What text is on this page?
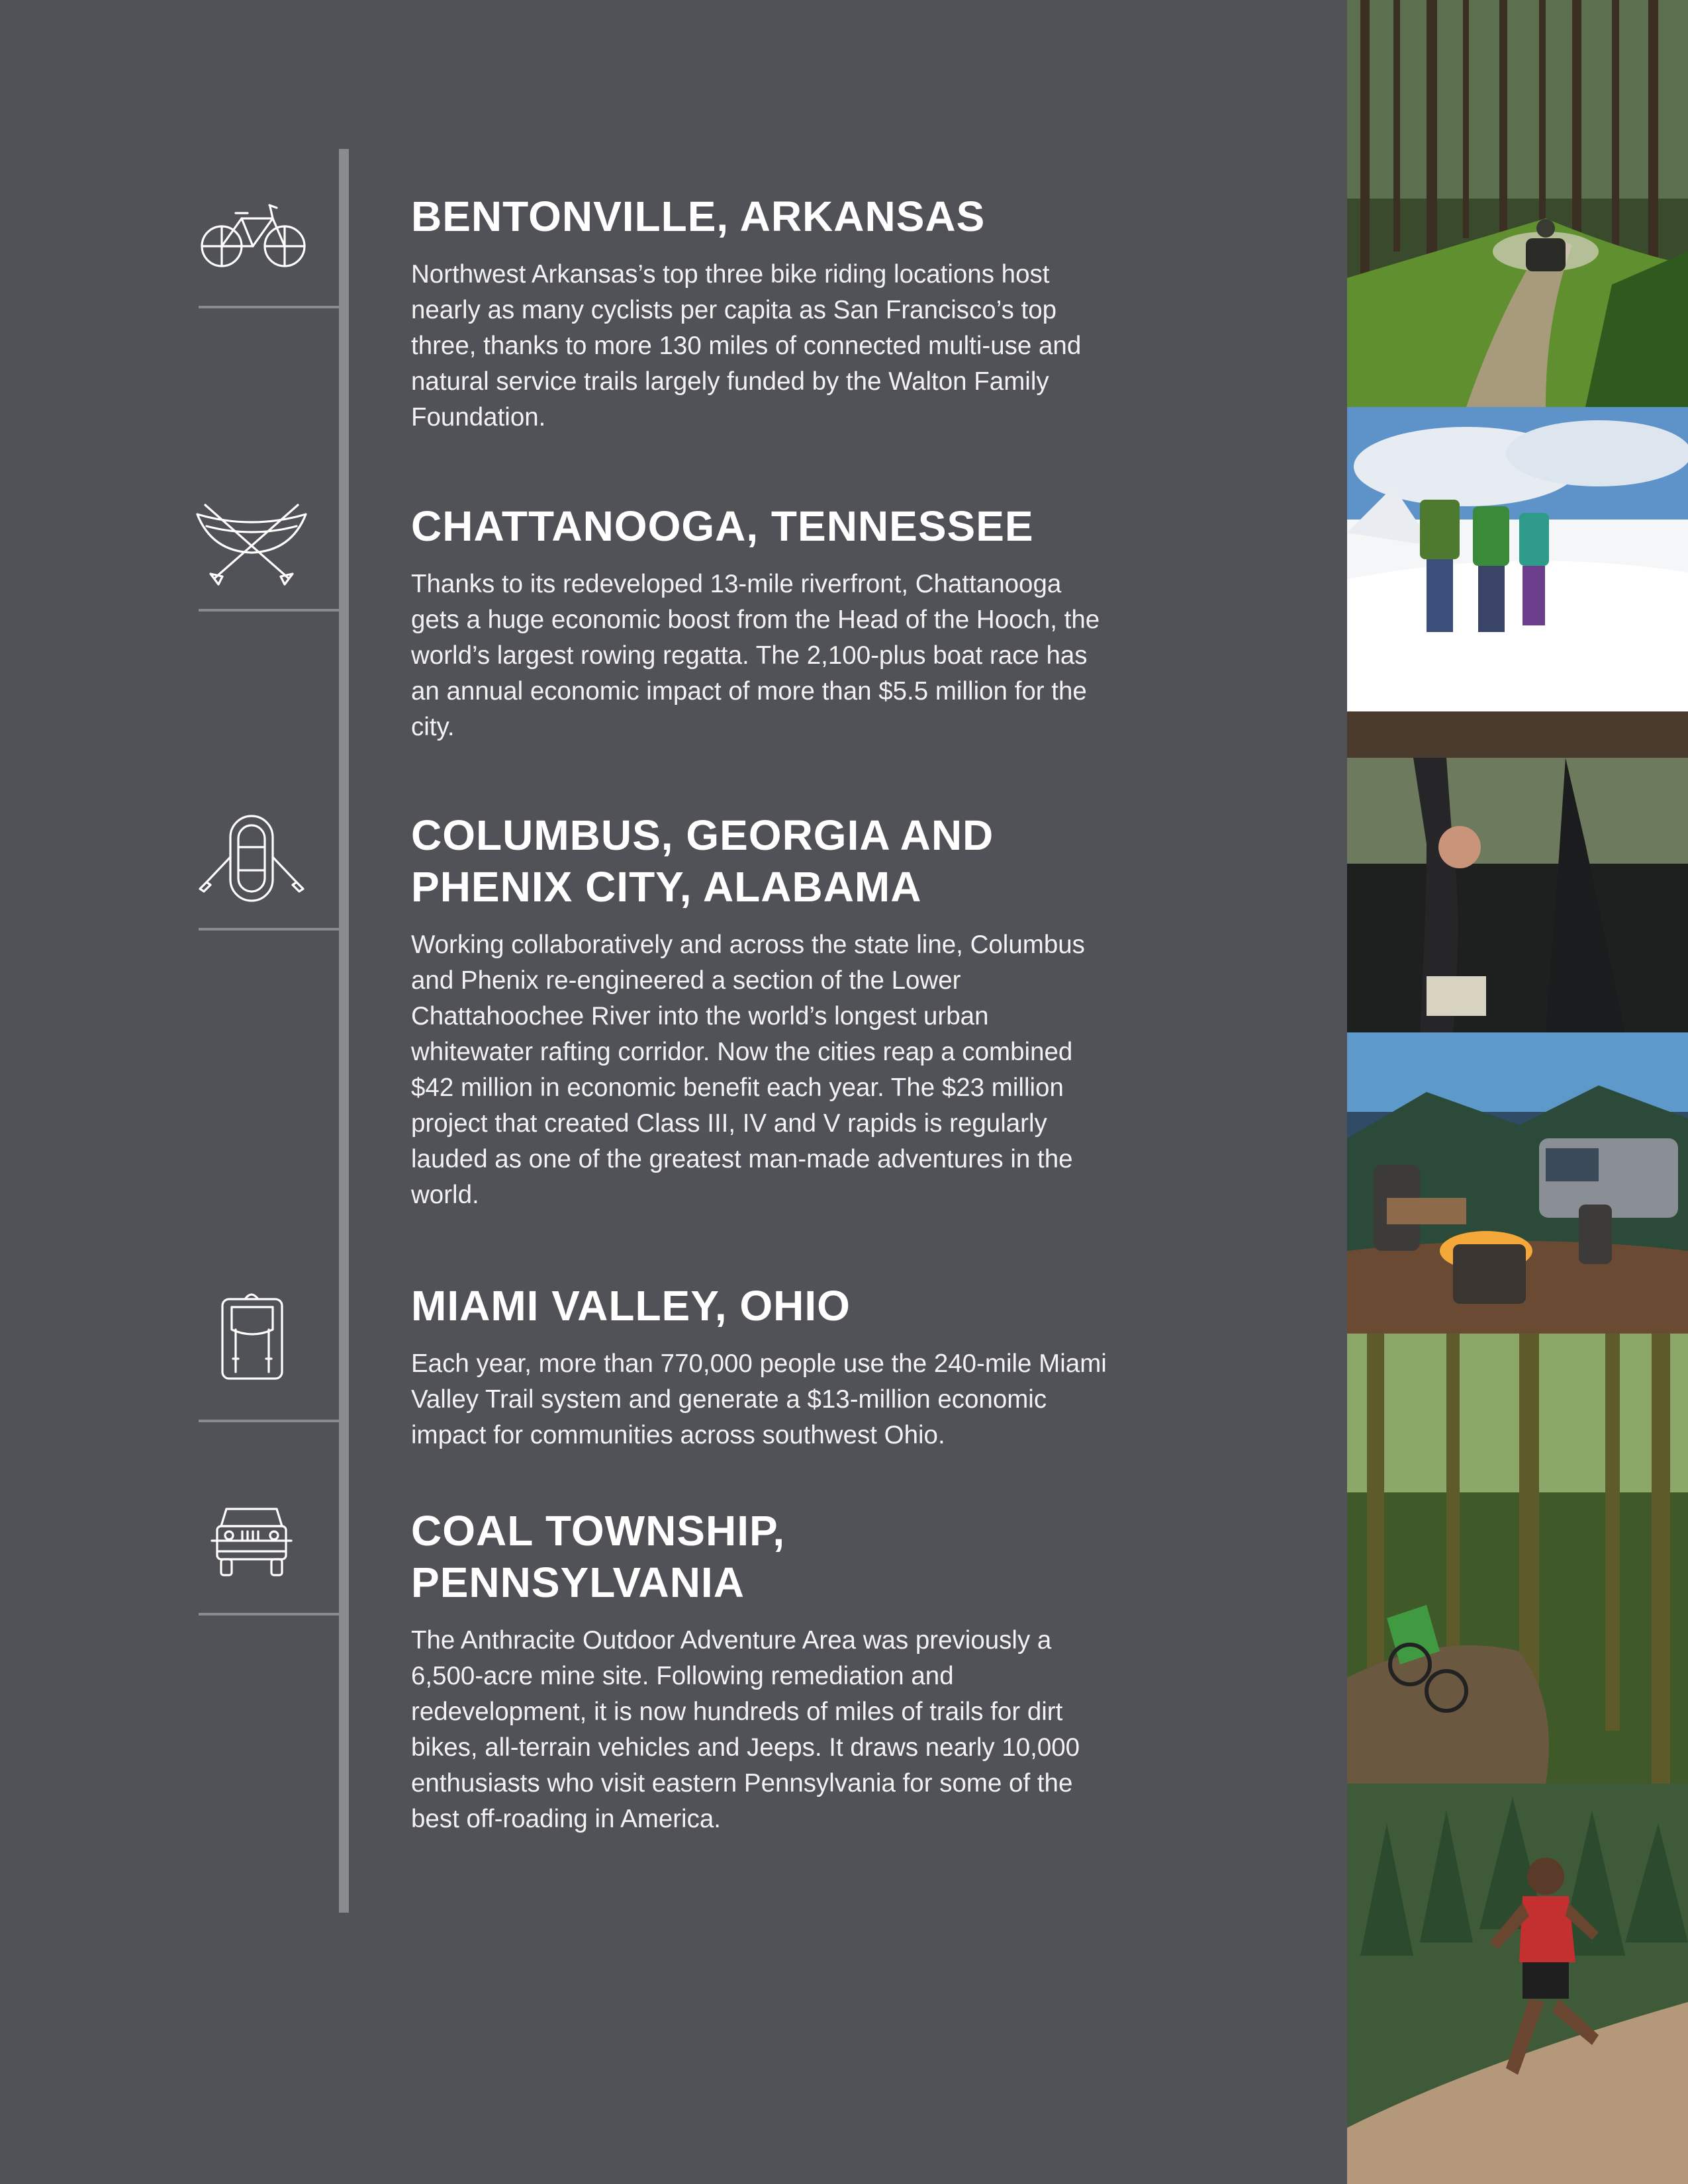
BENTONVILLE, ARKANSAS

Northwest Arkansas’s top three bike riding locations host nearly as many cyclists per capita as San Francisco’s top three, thanks to more 130 miles of connected multi-use and natural service trails largely funded by the Walton Family Foundation.

CHATTANOOGA, TENNESSEE

Thanks to its redeveloped 13-mile riverfront, Chattanooga gets a huge economic boost from the Head of the Hooch, the world’s largest rowing regatta. The 2,100-plus boat race has an annual economic impact of more than $5.5 million for the city.

COLUMBUS, GEORGIA AND PHENIX CITY, ALABAMA

Working collaboratively and across the state line, Columbus and Phenix re-engineered a section of the Lower Chattahoochee River into the world’s longest urban whitewater rafting corridor. Now the cities reap a combined $42 million in economic benefit each year. The $23 million project that created Class III, IV and V rapids is regularly lauded as one of the greatest man-made adventures in the world.

MIAMI VALLEY, OHIO

Each year, more than 770,000 people use the 240-mile Miami Valley Trail system and generate a $13-million economic impact for communities across southwest Ohio.

COAL TOWNSHIP, PENNSYLVANIA

The Anthracite Outdoor Adventure Area was previously a 6,500-acre mine site. Following remediation and redevelopment, it is now hundreds of miles of trails for dirt bikes, all-terrain vehicles and Jeeps. It draws nearly 10,000 enthusiasts who visit eastern Pennsylvania for some of the best off-roading in America.
